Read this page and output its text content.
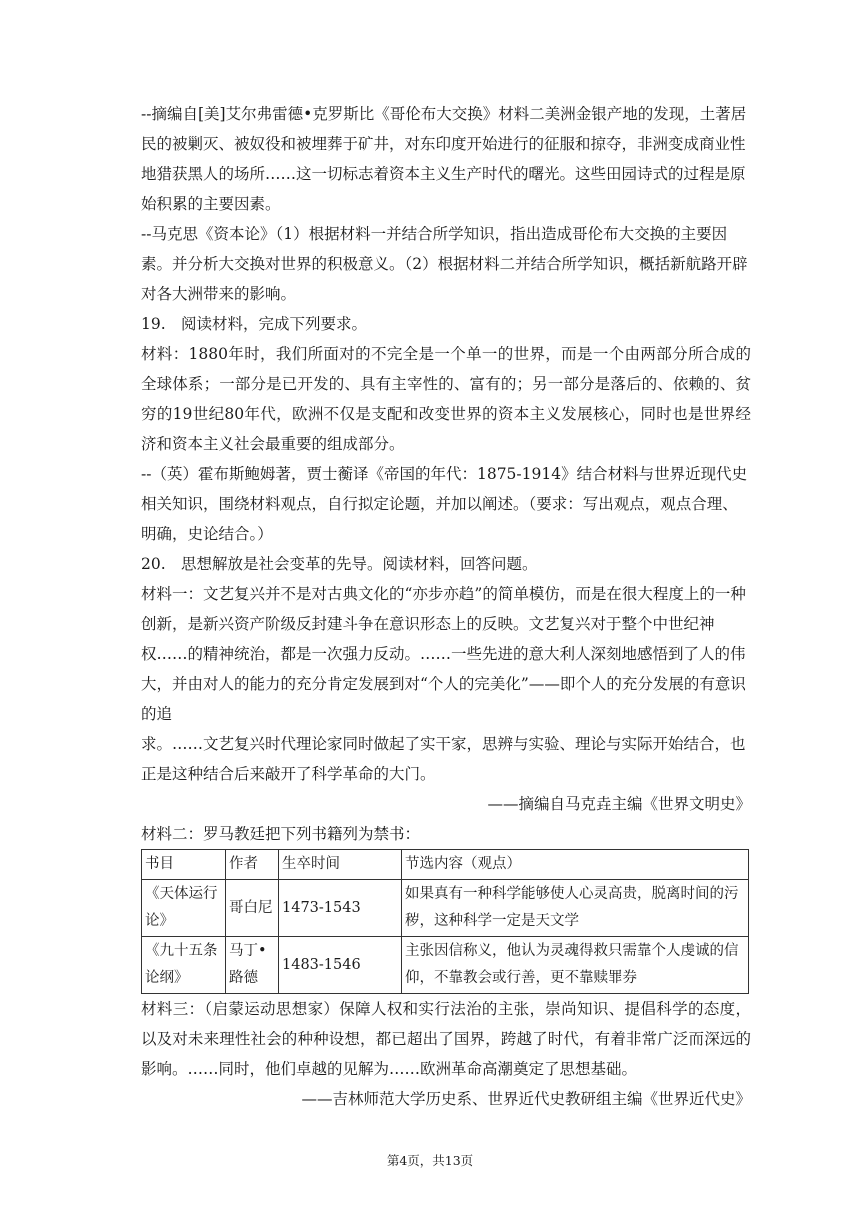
--摘编自[美]艾尔弗雷德•克罗斯比《哥伦布大交换》材料二美洲金银产地的发现，土著居民的被剿灭、被奴役和被埋葬于矿井，对东印度开始进行的征服和掠夺，非洲变成商业性地猎获黑人的场所……这一切标志着资本主义生产时代的曙光。这些田园诗式的过程是原始积累的主要因素。

--马克思《资本论》（1）根据材料一并结合所学知识，指出造成哥伦布大交换的主要因素。并分析大交换对世界的积极意义。（2）根据材料二并结合所学知识，概括新航路开辟对各大洲带来的影响。

19. 阅读材料，完成下列要求。

材料：1880年时，我们所面对的不完全是一个单一的世界，而是一个由两部分所合成的全球体系；一部分是已开发的、具有主宰性的、富有的；另一部分是落后的、依赖的、贫穷的19世纪80年代，欧洲不仅是支配和改变世界的资本主义发展核心，同时也是世界经济和资本主义社会最重要的组成部分。

--（英）霍布斯鲍姆著，贾士蘅译《帝国的年代：1875-1914》结合材料与世界近现代史相关知识，围绕材料观点，自行拟定论题，并加以阐述。（要求：写出观点，观点合理、明确，史论结合。）

20. 思想解放是社会变革的先导。阅读材料，回答问题。

材料一：文艺复兴并不是对古典文化的“亦步亦趋”的简单模仿，而是在很大程度上的一种创新，是新兴资产阶级反封建斗争在意识形态上的反映。文艺复兴对于整个中世纪神权……的精神统治，都是一次强力反动。……一些先进的意大利人深刻地感悟到了人的伟大，并由对人的能力的充分肯定发展到对“个人的完美化”——即个人的充分发展的有意识的追

求。……文艺复兴时代理论家同时做起了实干家，思辨与实验、理论与实际开始结合，也正是这种结合后来敲开了科学革命的大门。

——摘编自马克垚主编《世界文明史》

材料二：罗马教廷把下列书籍列为禁书：

书目	作者	生卒时间	节选内容（观点）
《天体运行论》	哥白尼	1473-1543	如果真有一种科学能够使人心灵高贵，脱离时间的污秽，这种科学一定是天文学
《九十五条论纲》	马丁•路德	1483-1546	主张因信称义，他认为灵魂得救只需靠个人虔诚的信仰，不靠教会或行善，更不靠赎罪券

材料三：（启蒙运动思想家）保障人权和实行法治的主张，崇尚知识、提倡科学的态度，以及对未来理性社会的种种设想，都已超出了国界，跨越了时代，有着非常广泛而深远的影响。……同时，他们卓越的见解为……欧洲革命高潮奠定了思想基础。

——吉林师范大学历史系、世界近代史教研组主编《世界近代史》

第4页，共13页
